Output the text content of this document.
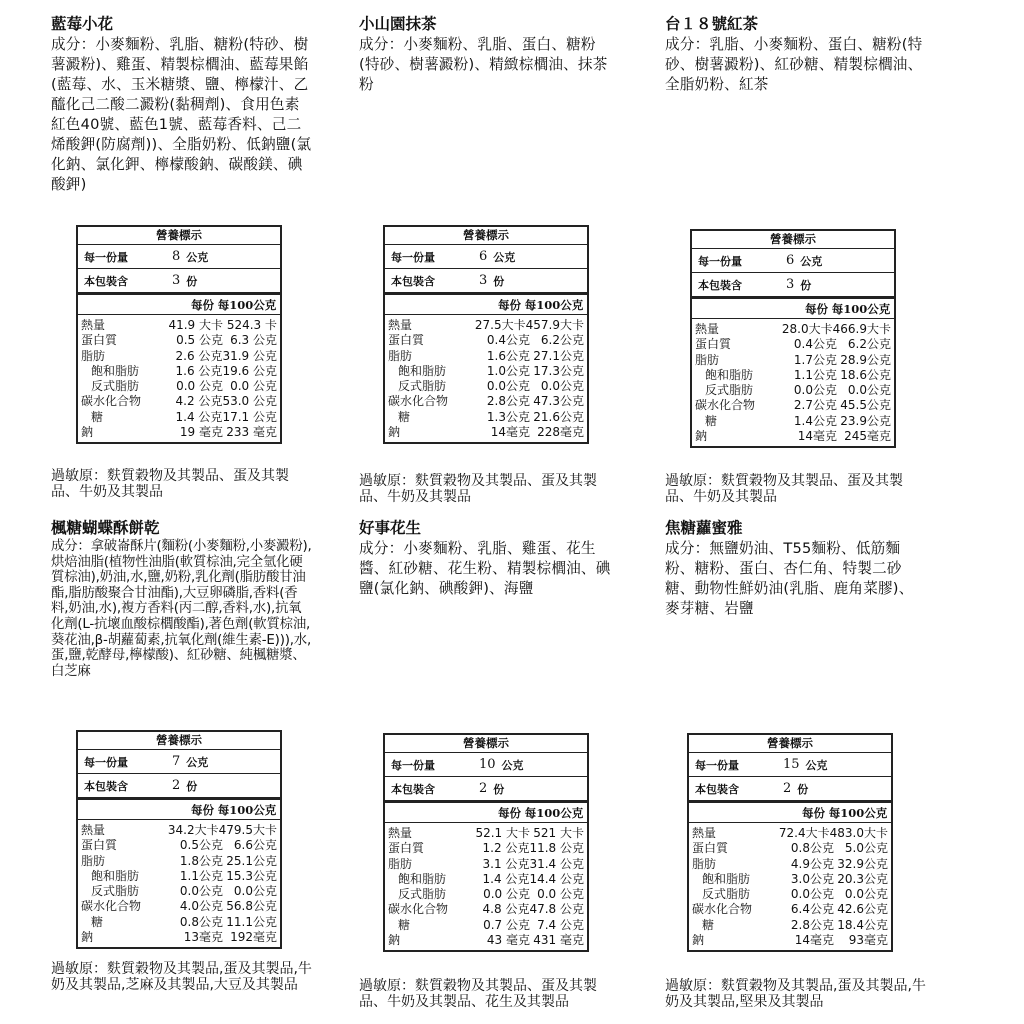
藍莓小花

成分：小麥麵粉、乳脂、糖粉(特砂、樹薯澱粉)、雞蛋、精製棕櫚油、藍莓果餡(藍莓、水、玉米糖漿、鹽、檸檬汁、乙醯化己二酸二澱粉(黏稠劑)、食用色素紅色40號、藍色1號、藍莓香料、己二烯酸鉀(防腐劑))、全脂奶粉、低鈉鹽(氯化鈉、氯化鉀、檸檬酸鈉、碳酸鎂、碘酸鉀)

營養標示
每一份量	8 公克
本包裝含	3 份
每份 每100公克
熱量	41.9 大卡 524.3 卡
蛋白質	0.5 公克 6.3 公克
脂肪	2.6 公克 31.9 公克
飽和脂肪	1.6 公克 19.6 公克
反式脂肪	0.0 公克 0.0 公克
碳水化合物	4.2 公克 53.0 公克
糖	1.4 公克 17.1 公克
鈉	19 毫克 233 毫克

過敏原：麩質穀物及其製品、蛋及其製品、牛奶及其製品

小山園抹茶

成分：小麥麵粉、乳脂、蛋白、糖粉 (特砂、樹薯澱粉)、精緻棕櫚油、抹茶粉

營養標示
每一份量	6 公克
本包裝含	3 份
每份 每100公克
熱量	27.5大卡 457.9大卡
蛋白質	0.4公克 6.2公克
脂肪	1.6公克 27.1公克
飽和脂肪	1.0公克 17.3公克
反式脂肪	0.0公克 0.0公克
碳水化合物	2.8公克 47.3公克
糖	1.3公克 21.6公克
鈉	14毫克 228毫克

過敏原：麩質穀物及其製品、蛋及其製品、牛奶及其製品

台１８號紅茶

成分：乳脂、小麥麵粉、蛋白、糖粉(特砂、樹薯澱粉)、紅砂糖、精製棕櫚油、全脂奶粉、紅茶

營養標示
每一份量	6 公克
本包裝含	3 份
每份 每100公克
熱量	28.0大卡 466.9大卡
蛋白質	0.4公克 6.2公克
脂肪	1.7公克 28.9公克
飽和脂肪	1.1公克 18.6公克
反式脂肪	0.0公克 0.0公克
碳水化合物	2.7公克 45.5公克
糖	1.4公克 23.9公克
鈉	14毫克 245毫克

過敏原：麩質穀物及其製品、蛋及其製品、牛奶及其製品

楓糖蝴蝶酥餅乾

成分：拿破崙酥片(麵粉(小麥麵粉,小麥澱粉),烘焙油脂(植物性油脂(軟質棕油,完全氫化硬質棕油),奶油,水,鹽,奶粉,乳化劑(脂肪酸甘油酯,脂肪酸聚合甘油酯),大豆卵磷脂,香料(香料,奶油,水),複方香料(丙二醇,香料,水),抗氧化劑(L-抗壞血酸棕櫚酸酯),著色劑(軟質棕油,葵花油,β-胡蘿蔔素,抗氧化劑(維生素-E))),水,蛋,鹽,乾酵母,檸檬酸)、紅砂糖、純楓糖漿、白芝麻

營養標示
每一份量	7 公克
本包裝含	2 份
每份 每100公克
熱量	34.2大卡 479.5大卡
蛋白質	0.5公克 6.6公克
脂肪	1.8公克 25.1公克
飽和脂肪	1.1公克 15.3公克
反式脂肪	0.0公克 0.0公克
碳水化合物	4.0公克 56.8公克
糖	0.8公克 11.1公克
鈉	13毫克 192毫克

過敏原：麩質穀物及其製品,蛋及其製品,牛奶及其製品,芝麻及其製品,大豆及其製品

好事花生

成分：小麥麵粉、乳脂、雞蛋、花生醬、紅砂糖、花生粉、精製棕櫚油、碘鹽(氯化鈉、碘酸鉀)、海鹽

營養標示
每一份量	10 公克
本包裝含	2 份
每份 每100公克
熱量	52.1 大卡 521 大卡
蛋白質	1.2 公克 11.8 公克
脂肪	3.1 公克 31.4 公克
飽和脂肪	1.4 公克 14.4 公克
反式脂肪	0.0 公克 0.0 公克
碳水化合物	4.8 公克 47.8 公克
糖	0.7 公克 7.4 公克
鈉	43 毫克 431 毫克

過敏原：麩質穀物及其製品、蛋及其製品、牛奶及其製品、花生及其製品

焦糖蘿蜜雅

成分：無鹽奶油、T55麵粉、低筋麵粉、糖粉、蛋白、杏仁角、特製二砂糖、動物性鮮奶油(乳脂、鹿角菜膠)、麥芽糖、岩鹽

營養標示
每一份量	15 公克
本包裝含	2 份
每份 每100公克
熱量	72.4大卡 483.0大卡
蛋白質	0.8公克 5.0公克
脂肪	4.9公克 32.9公克
飽和脂肪	3.0公克 20.3公克
反式脂肪	0.0公克 0.0公克
碳水化合物	6.4公克 42.6公克
糖	2.8公克 18.4公克
鈉	14毫克	93毫克

過敏原：麩質穀物及其製品,蛋及其製品,牛奶及其製品,堅果及其製品
